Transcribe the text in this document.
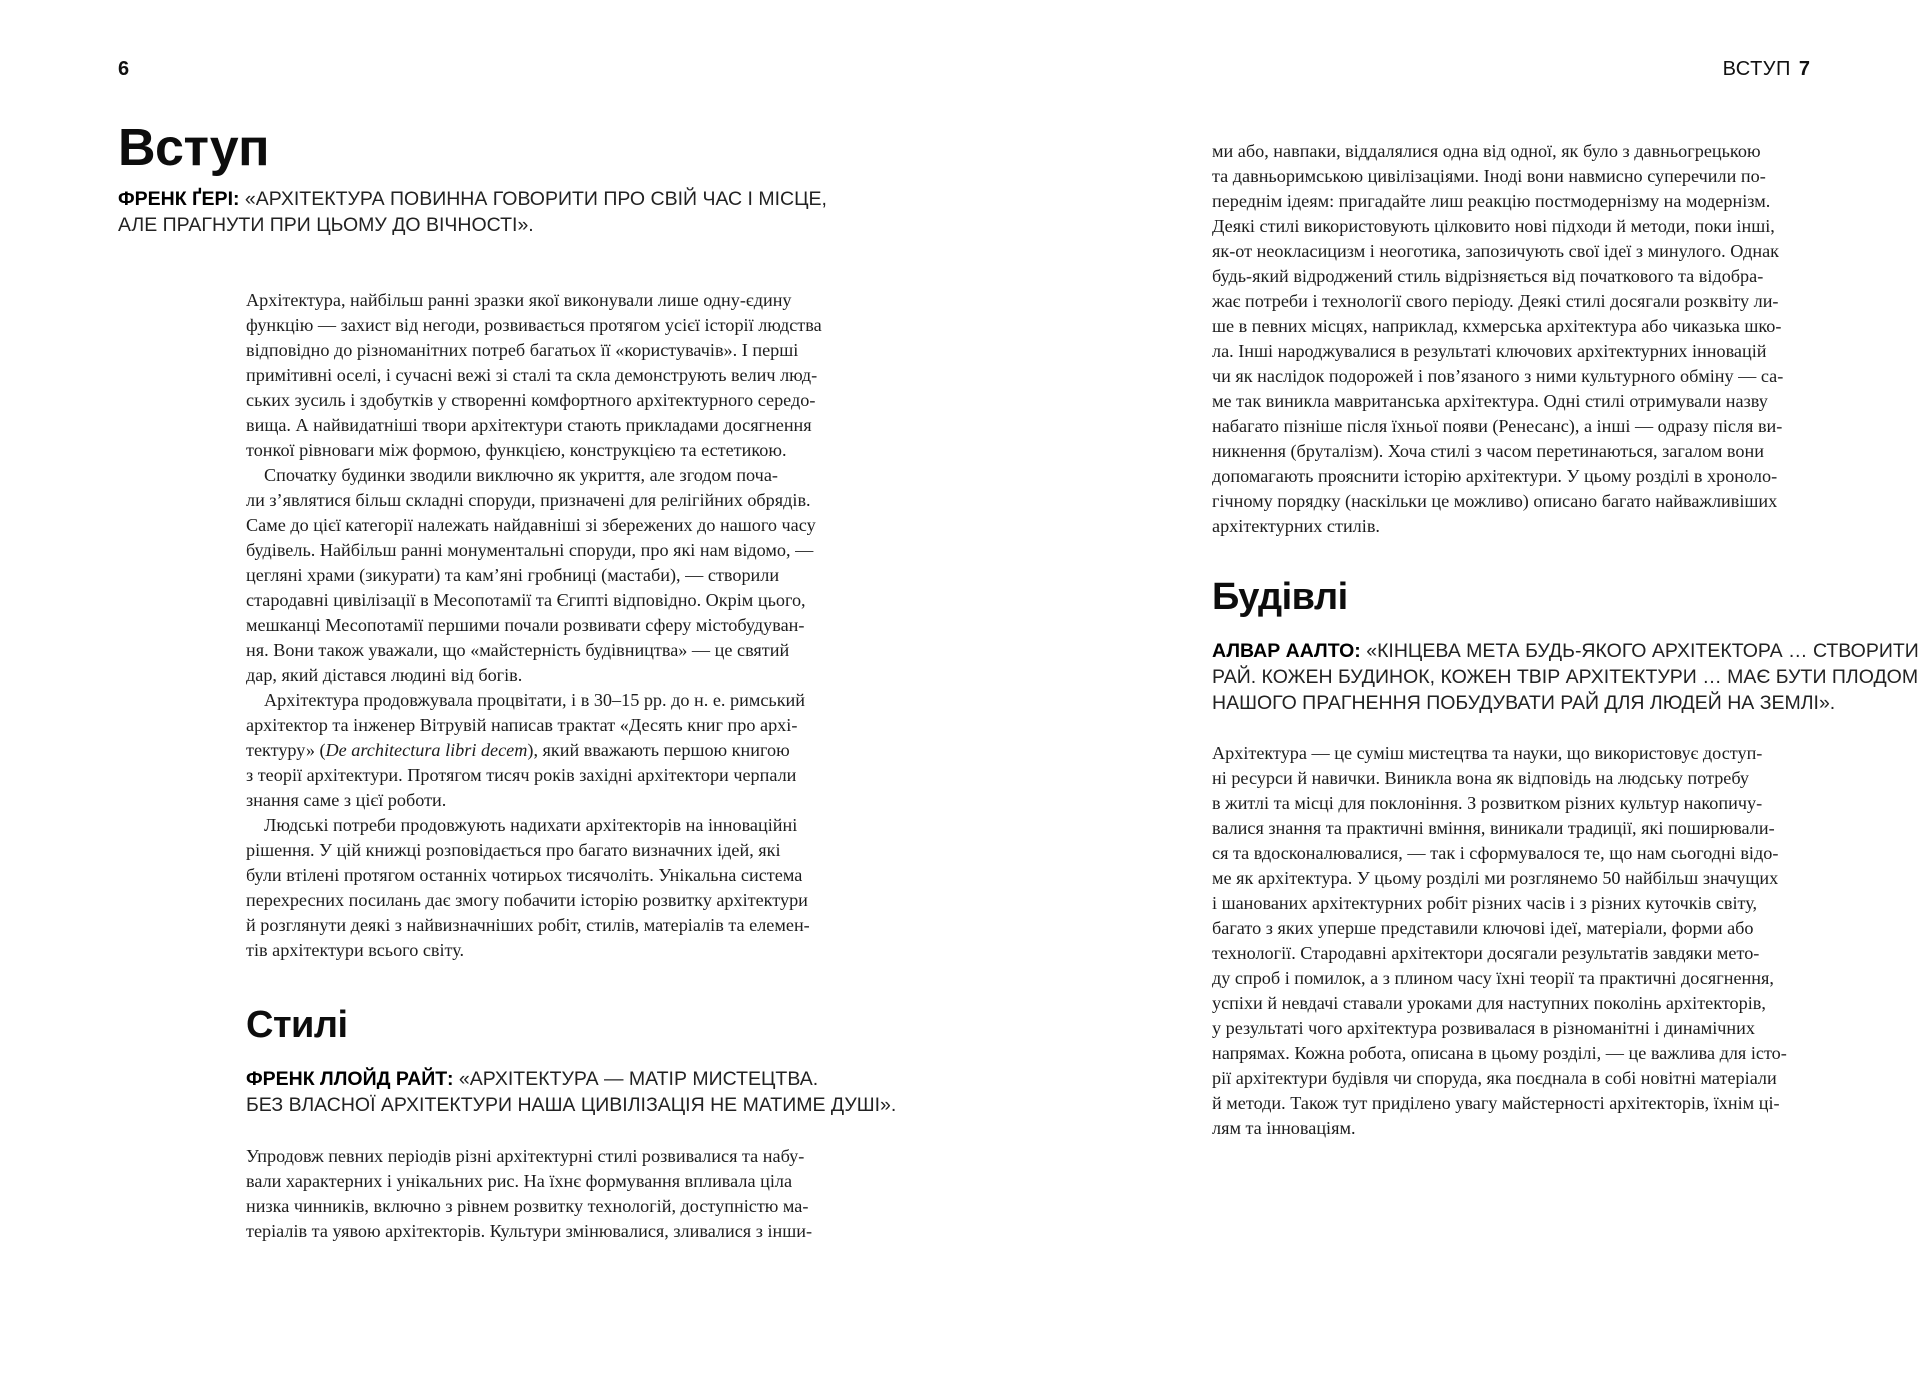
6
Вступ

ФРЕНК ҐЕРІ: «АРХІТЕКТУРА ПОВИННА ГОВОРИТИ ПРО СВІЙ ЧАС І МІСЦЕ,
АЛЕ ПРАГНУТИ ПРИ ЦЬОМУ ДО ВІЧНОСТІ».

Архітектура, найбільш ранні зразки якої виконували лише одну-єдину
функцію — захист від негоди, розвивається протягом усієї історії людства
відповідно до різноманітних потреб багатьох її «користувачів». І перші
примітивні оселі, і сучасні вежі зі сталі та скла демонструють велич люд-
ських зусиль і здобутків у створенні комфортного архітектурного середо-
вища. А найвидатніші твори архітектури стають прикладами досягнення
тонкої рівноваги між формою, функцією, конструкцією та естетикою.

Спочатку будинки зводили виключно як укриття, але згодом поча-
ли з’являтися більш складні споруди, призначені для релігійних обрядів.
Саме до цієї категорії належать найдавніші зі збережених до нашого часу
будівель. Найбільш ранні монументальні споруди, про які нам відомо, —
цегляні храми (зикурати) та кам’яні гробниці (мастаби), — створили
стародавні цивілізації в Месопотамії та Єгипті відповідно. Окрім цього,
мешканці Месопотамії першими почали розвивати сферу містобудуван-
ня. Вони також уважали, що «майстерність будівництва» — це святий
дар, який дістався людині від богів.

Архітектура продовжувала процвітати, і в 30–15 рр. до н. е. римський
архітектор та інженер Вітрувій написав трактат «Десять книг про архі-
тектуру» (De architectura libri decem), який вважають першою книгою
з теорії архітектури. Протягом тисяч років західні архітектори черпали
знання саме з цієї роботи.

Людські потреби продовжують надихати архітекторів на інноваційні
рішення. У цій книжці розповідається про багато визначних ідей, які
були втілені протягом останніх чотирьох тисячоліть. Унікальна система
перехресних посилань дає змогу побачити історію розвитку архітектури
й розглянути деякі з найвизначніших робіт, стилів, матеріалів та елемен-
тів архітектури всього світу.

Стилі

ФРЕНК ЛЛОЙД РАЙТ: «АРХІТЕКТУРА — МАТІР МИСТЕЦТВА.
БЕЗ ВЛАСНОЇ АРХІТЕКТУРИ НАША ЦИВІЛІЗАЦІЯ НЕ МАТИМЕ ДУШІ».

Упродовж певних періодів різні архітектурні стилі розвивалися та набу-
вали характерних і унікальних рис. На їхнє формування впливала ціла
низка чинників, включно з рівнем розвитку технологій, доступністю ма-
теріалів та уявою архітекторів. Культури змінювалися, зливалися з інши-

ВСТУП 7

ми або, навпаки, віддалялися одна від одної, як було з давньогрецькою
та давньоримською цивілізаціями. Іноді вони навмисно суперечили по-
переднім ідеям: пригадайте лиш реакцію постмодернізму на модернізм.
Деякі стилі використовують цілковито нові підходи й методи, поки інші,
як-от неокласицизм і неоготика, запозичують свої ідеї з минулого. Однак
будь-який відроджений стиль відрізняється від початкового та відобра-
жає потреби і технології свого періоду. Деякі стилі досягали розквіту ли-
ше в певних місцях, наприклад, кхмерська архітектура або чиказька шко-
ла. Інші народжувалися в результаті ключових архітектурних інновацій
чи як наслідок подорожей і пов’язаного з ними культурного обміну — са-
ме так виникла мавританська архітектура. Одні стилі отримували назву
набагато пізніше після їхньої появи (Ренесанс), а інші — одразу після ви-
никнення (бруталізм). Хоча стилі з часом перетинаються, загалом вони
допомагають прояснити історію архітектури. У цьому розділі в хроноло-
гічному порядку (наскільки це можливо) описано багато найважливіших
архітектурних стилів.

Будівлі

АЛВАР ААЛТО: «КІНЦЕВА МЕТА БУДЬ-ЯКОГО АРХІТЕКТОРА … СТВОРИТИ
РАЙ. КОЖЕН БУДИНОК, КОЖЕН ТВІР АРХІТЕКТУРИ … МАЄ БУТИ ПЛОДОМ
НАШОГО ПРАГНЕННЯ ПОБУДУВАТИ РАЙ ДЛЯ ЛЮДЕЙ НА ЗЕМЛІ».

Архітектура — це суміш мистецтва та науки, що використовує доступ-
ні ресурси й навички. Виникла вона як відповідь на людську потребу
в житлі та місці для поклоніння. З розвитком різних культур накопичу-
валися знання та практичні вміння, виникали традиції, які поширювали-
ся та вдосконалювалися, — так і сформувалося те, що нам сьогодні відо-
ме як архітектура. У цьому розділі ми розглянемо 50 найбільш значущих
і шанованих архітектурних робіт різних часів і з різних куточків світу,
багато з яких уперше представили ключові ідеї, матеріали, форми або
технології. Стародавні архітектори досягали результатів завдяки мето-
ду спроб і помилок, а з плином часу їхні теорії та практичні досягнення,
успіхи й невдачі ставали уроками для наступних поколінь архітекторів,
у результаті чого архітектура розвивалася в різноманітні і динамічних
напрямах. Кожна робота, описана в цьому розділі, — це важлива для істо-
рії архітектури будівля чи споруда, яка поєднала в собі новітні матеріали
й методи. Також тут приділено увагу майстерності архітекторів, їхнім ці-
лям та інноваціям.
